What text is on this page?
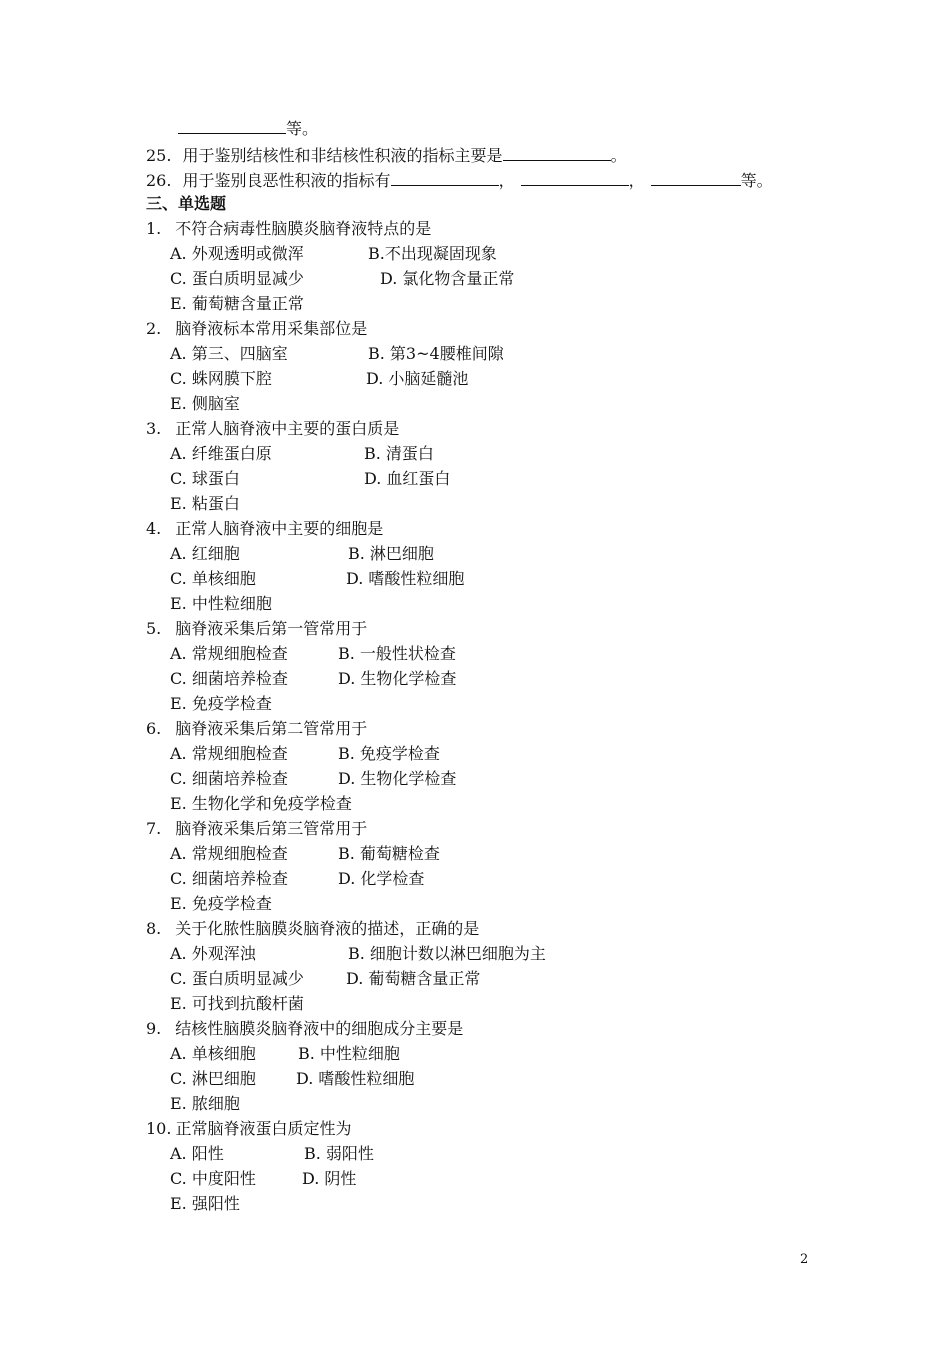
等。
25. 用于鉴别结核性和非结核性积液的指标主要是	。
26. 用于鉴别良恶性积液的指标有	，	，	等。
三、单选题
1. 不符合病毒性脑膜炎脑脊液特点的是
A. 外观透明或微浑	B.不出现凝固现象
C. 蛋白质明显减少	D. 氯化物含量正常
E. 葡萄糖含量正常
2. 脑脊液标本常用采集部位是
A. 第三、四脑室	B. 第3~4腰椎间隙
C. 蛛网膜下腔	D. 小脑延髓池
E. 侧脑室
3. 正常人脑脊液中主要的蛋白质是
A. 纤维蛋白原	B. 清蛋白
C. 球蛋白	D. 血红蛋白
E. 粘蛋白
4. 正常人脑脊液中主要的细胞是
A. 红细胞	B. 淋巴细胞
C. 单核细胞	D. 嗜酸性粒细胞
E. 中性粒细胞
5. 脑脊液采集后第一管常用于
A. 常规细胞检查	B. 一般性状检查
C. 细菌培养检查	D. 生物化学检查
E. 免疫学检查
6. 脑脊液采集后第二管常用于
A. 常规细胞检查	B. 免疫学检查
C. 细菌培养检查	D. 生物化学检查
E. 生物化学和免疫学检查
7. 脑脊液采集后第三管常用于
A. 常规细胞检查	B. 葡萄糖检查
C. 细菌培养检查	D. 化学检查
E. 免疫学检查
8. 关于化脓性脑膜炎脑脊液的描述，正确的是
A. 外观浑浊	B. 细胞计数以淋巴细胞为主
C. 蛋白质明显减少	D. 葡萄糖含量正常
E. 可找到抗酸杆菌
9. 结核性脑膜炎脑脊液中的细胞成分主要是
A. 单核细胞	B. 中性粒细胞
C. 淋巴细胞	D. 嗜酸性粒细胞
E. 脓细胞
10. 正常脑脊液蛋白质定性为
A. 阳性	B. 弱阳性
C. 中度阳性	D. 阴性
E. 强阳性
2
